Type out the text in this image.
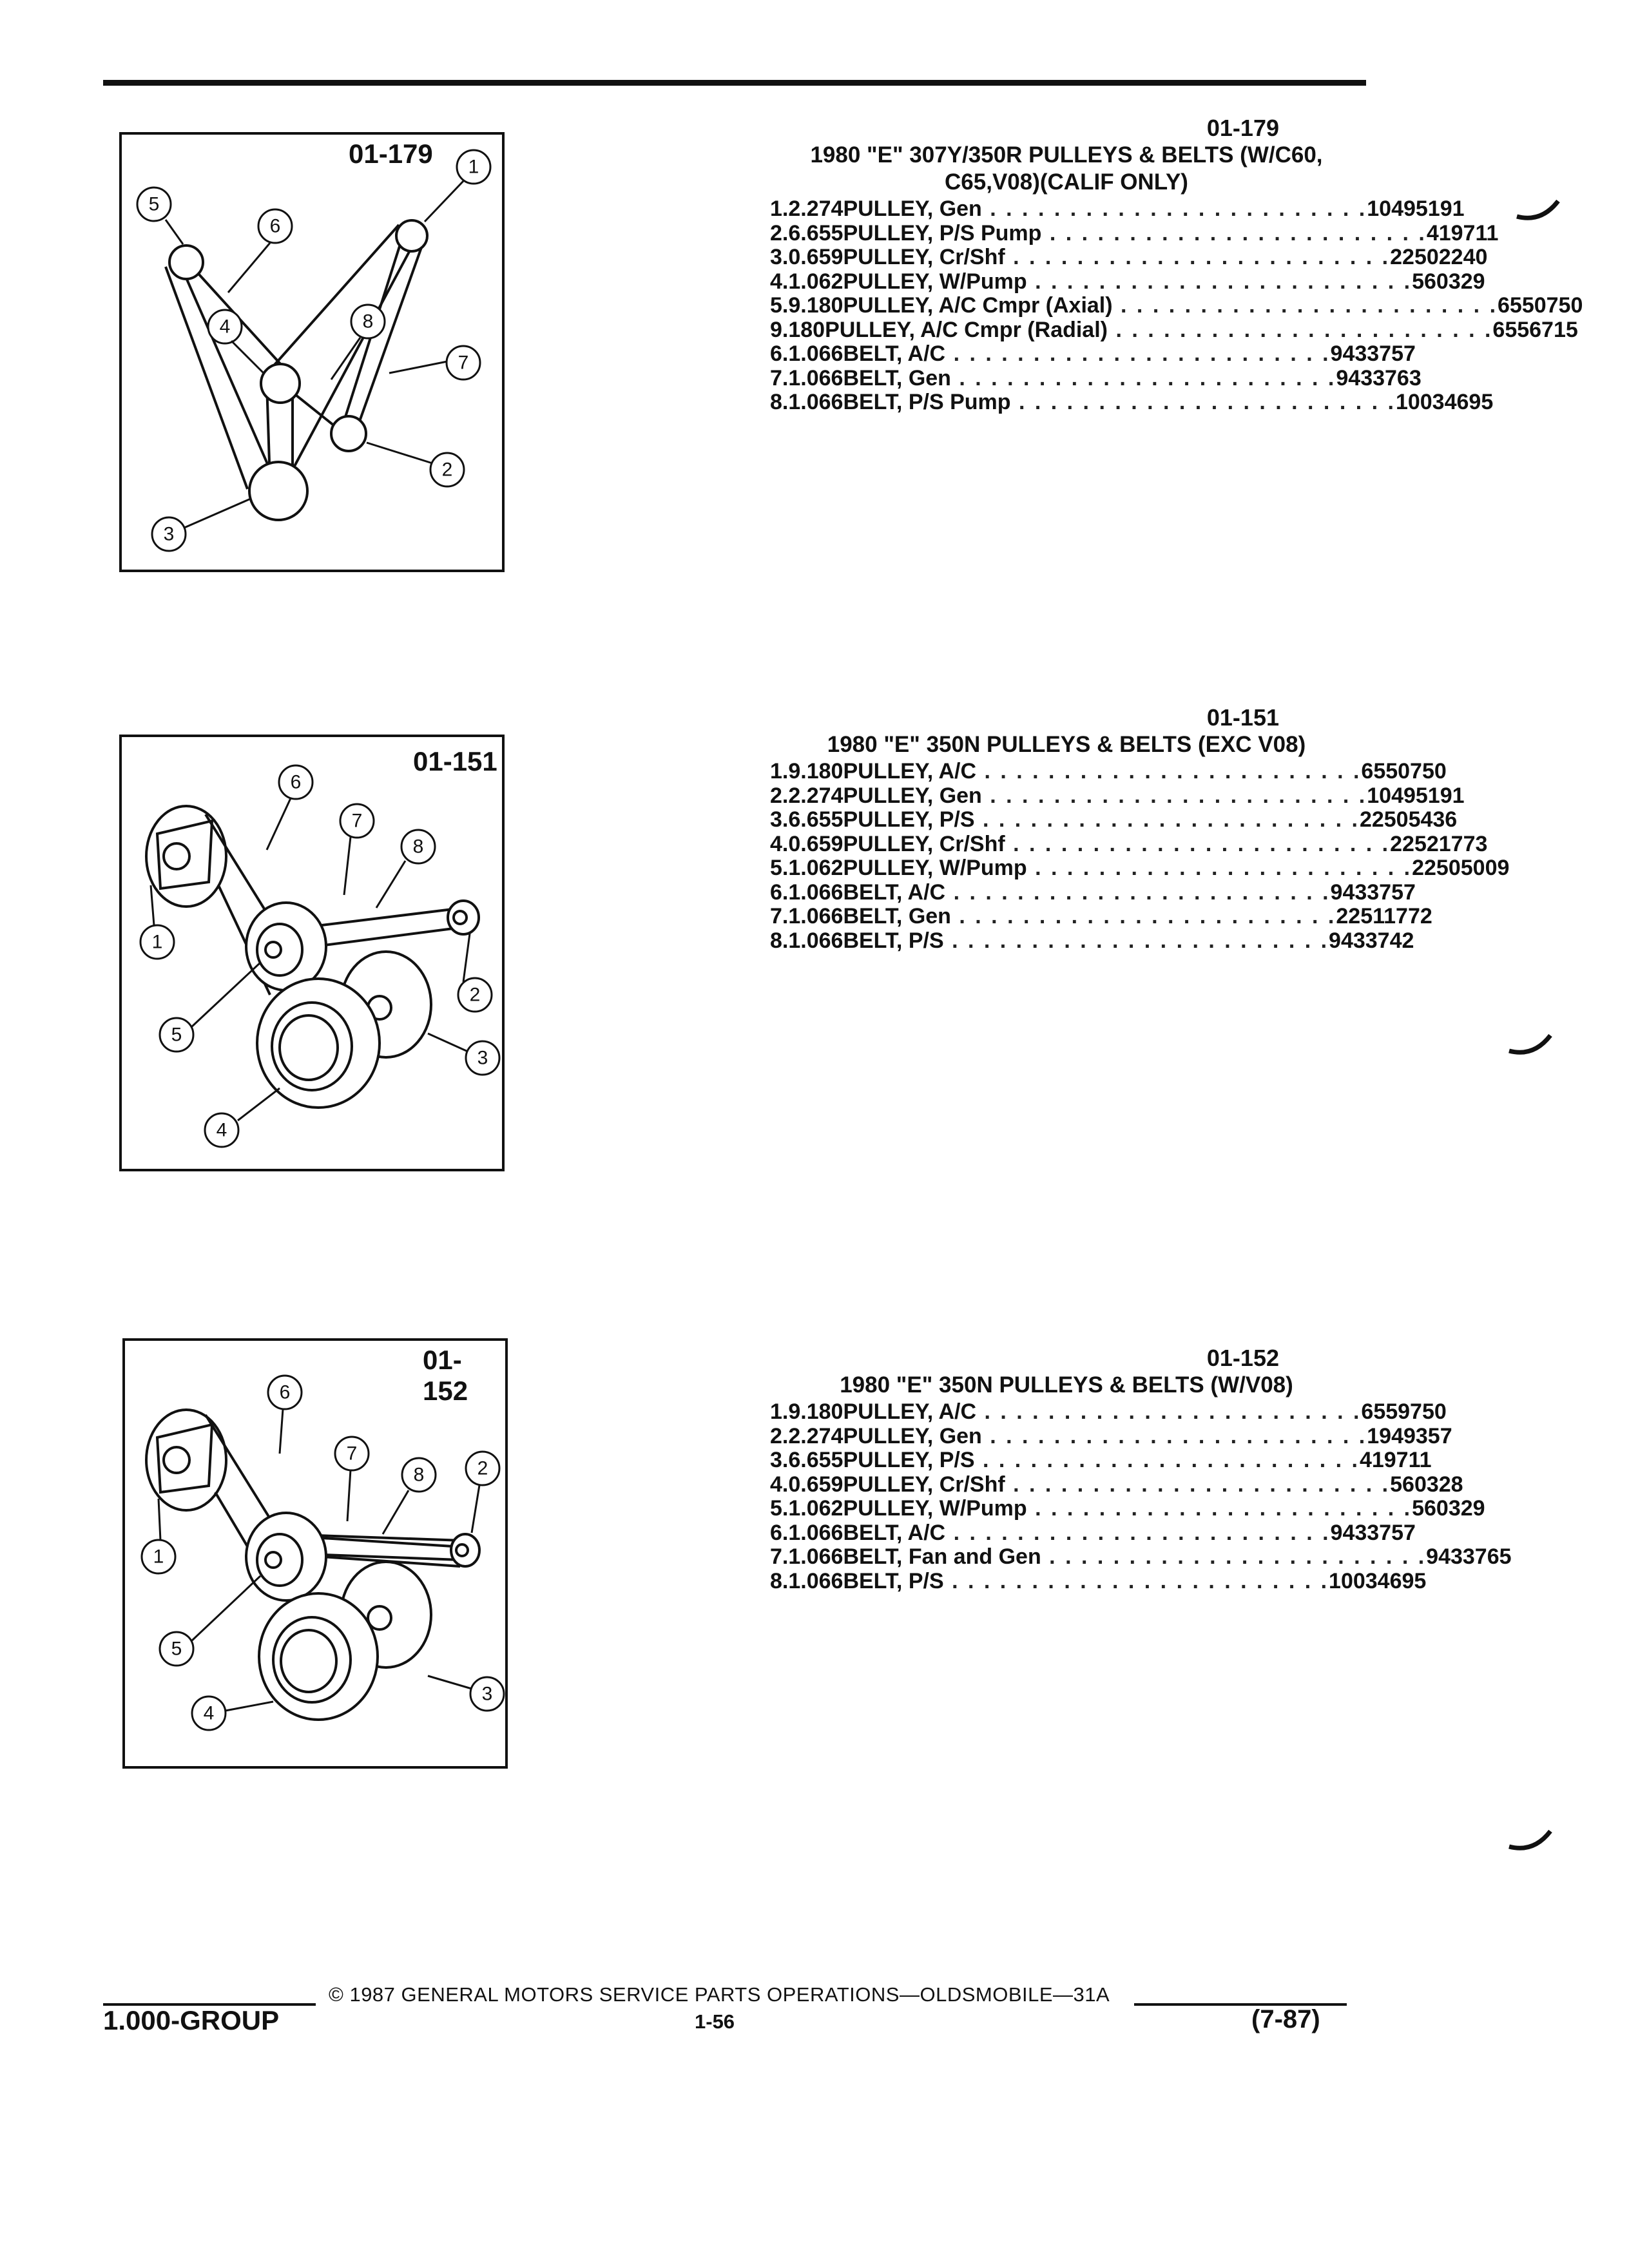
01-179 1
5
6
4	8
7
2
3
01-151
6
7
8
1
2
5
3
4
01-152
6
7
8	2
1
5
3
4
01-179
1980 "E" 307Y/350R PULLEYS & BELTS (W/C60,
C65,V08)(CALIF ONLY)
1. 2.274 PULLEY, Gen . . . . . . . . . . . . . . . . . . . . . . . . 10495191
2. 6.655 PULLEY, P/S Pump . . . . . . . . . . . . . . . . . . . . . . . . 419711
3. 0.659 PULLEY, Cr/Shf . . . . . . . . . . . . . . . . . . . . . . . . 22502240
4. 1.062 PULLEY, W/Pump . . . . . . . . . . . . . . . . . . . . . . . . 560329
5. 9.180 PULLEY, A/C Cmpr (Axial) . . . . . . . . . . . . . . . . . . . . . . . . 6550750
9.180 PULLEY, A/C Cmpr (Radial) . . . . . . . . . . . . . . . . . . . . . . . . 6556715
6. 1.066 BELT, A/C . . . . . . . . . . . . . . . . . . . . . . . . 9433757
7. 1.066 BELT, Gen . . . . . . . . . . . . . . . . . . . . . . . . 9433763
8. 1.066 BELT, P/S Pump . . . . . . . . . . . . . . . . . . . . . . . . 10034695
01-151
1980 "E" 350N PULLEYS & BELTS (EXC V08)
1. 9.180 PULLEY, A/C . . . . . . . . . . . . . . . . . . . . . . . . 6550750
2. 2.274 PULLEY, Gen . . . . . . . . . . . . . . . . . . . . . . . . 10495191
3. 6.655 PULLEY, P/S . . . . . . . . . . . . . . . . . . . . . . . . 22505436
4. 0.659 PULLEY, Cr/Shf . . . . . . . . . . . . . . . . . . . . . . . . 22521773
5. 1.062 PULLEY, W/Pump . . . . . . . . . . . . . . . . . . . . . . . . 22505009
6. 1.066 BELT, A/C . . . . . . . . . . . . . . . . . . . . . . . . 9433757
7. 1.066 BELT, Gen . . . . . . . . . . . . . . . . . . . . . . . . 22511772
8. 1.066 BELT, P/S . . . . . . . . . . . . . . . . . . . . . . . . 9433742
01-152
1980 "E" 350N PULLEYS & BELTS (W/V08)
1. 9.180 PULLEY, A/C . . . . . . . . . . . . . . . . . . . . . . . . 6559750
2. 2.274 PULLEY, Gen . . . . . . . . . . . . . . . . . . . . . . . . 1949357
3. 6.655 PULLEY, P/S . . . . . . . . . . . . . . . . . . . . . . . . 419711
4. 0.659 PULLEY, Cr/Shf . . . . . . . . . . . . . . . . . . . . . . . . 560328
5. 1.062 PULLEY, W/Pump . . . . . . . . . . . . . . . . . . . . . . . . 560329
6. 1.066 BELT, A/C . . . . . . . . . . . . . . . . . . . . . . . . 9433757
7. 1.066 BELT, Fan and Gen . . . . . . . . . . . . . . . . . . . . . . . . 9433765
8. 1.066 BELT, P/S . . . . . . . . . . . . . . . . . . . . . . . . 10034695
© 1987 GENERAL MOTORS SERVICE PARTS OPERATIONS—OLDSMOBILE—31A
1.000-GROUP	1-56	(7-87)
